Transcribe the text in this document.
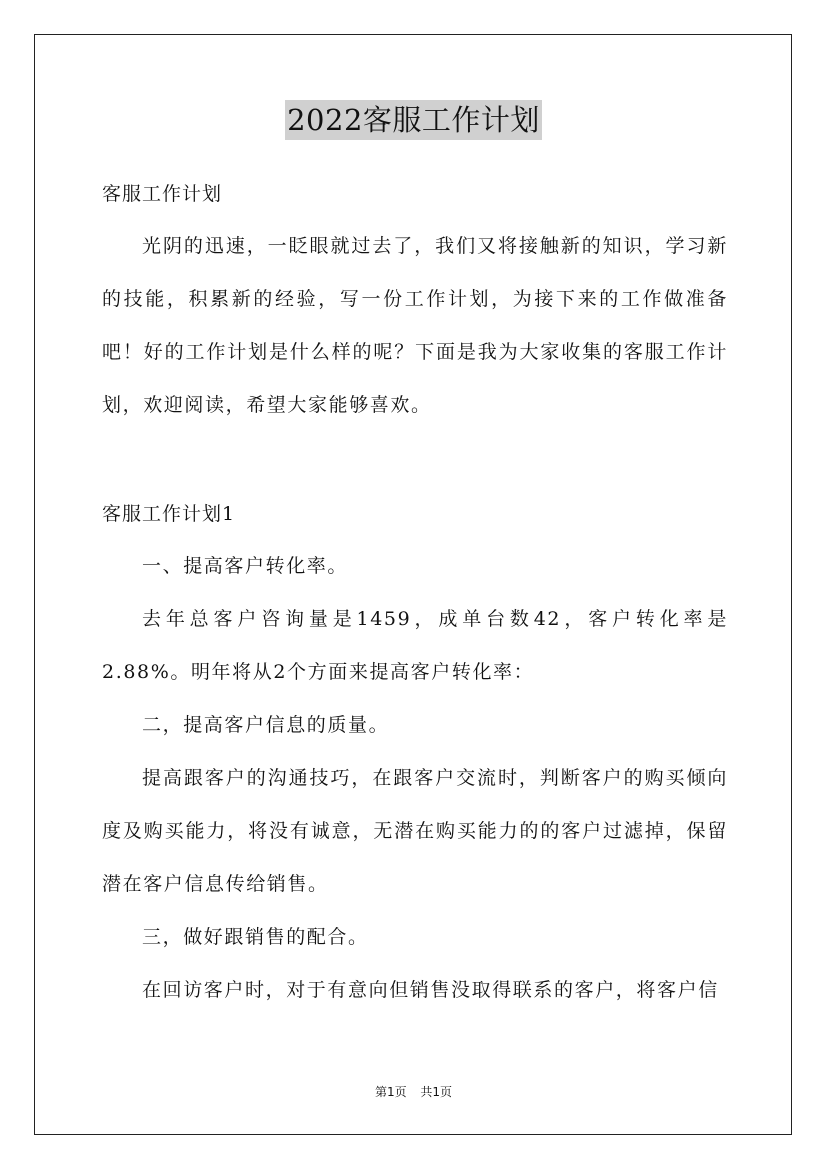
2022客服工作计划

客服工作计划

光阴的迅速，一眨眼就过去了，我们又将接触新的知识，学习新的技能，积累新的经验，写一份工作计划，为接下来的工作做准备吧！好的工作计划是什么样的呢？下面是我为大家收集的客服工作计划，欢迎阅读，希望大家能够喜欢。

客服工作计划1

一、提高客户转化率。

去年总客户咨询量是1459，成单台数42，客户转化率是2.88%。明年将从2个方面来提高客户转化率：

二，提高客户信息的质量。

提高跟客户的沟通技巧，在跟客户交流时，判断客户的购买倾向度及购买能力，将没有诚意，无潜在购买能力的的客户过滤掉，保留潜在客户信息传给销售。

三，做好跟销售的配合。

在回访客户时，对于有意向但销售没取得联系的客户，将客户信

第1页 共1页
